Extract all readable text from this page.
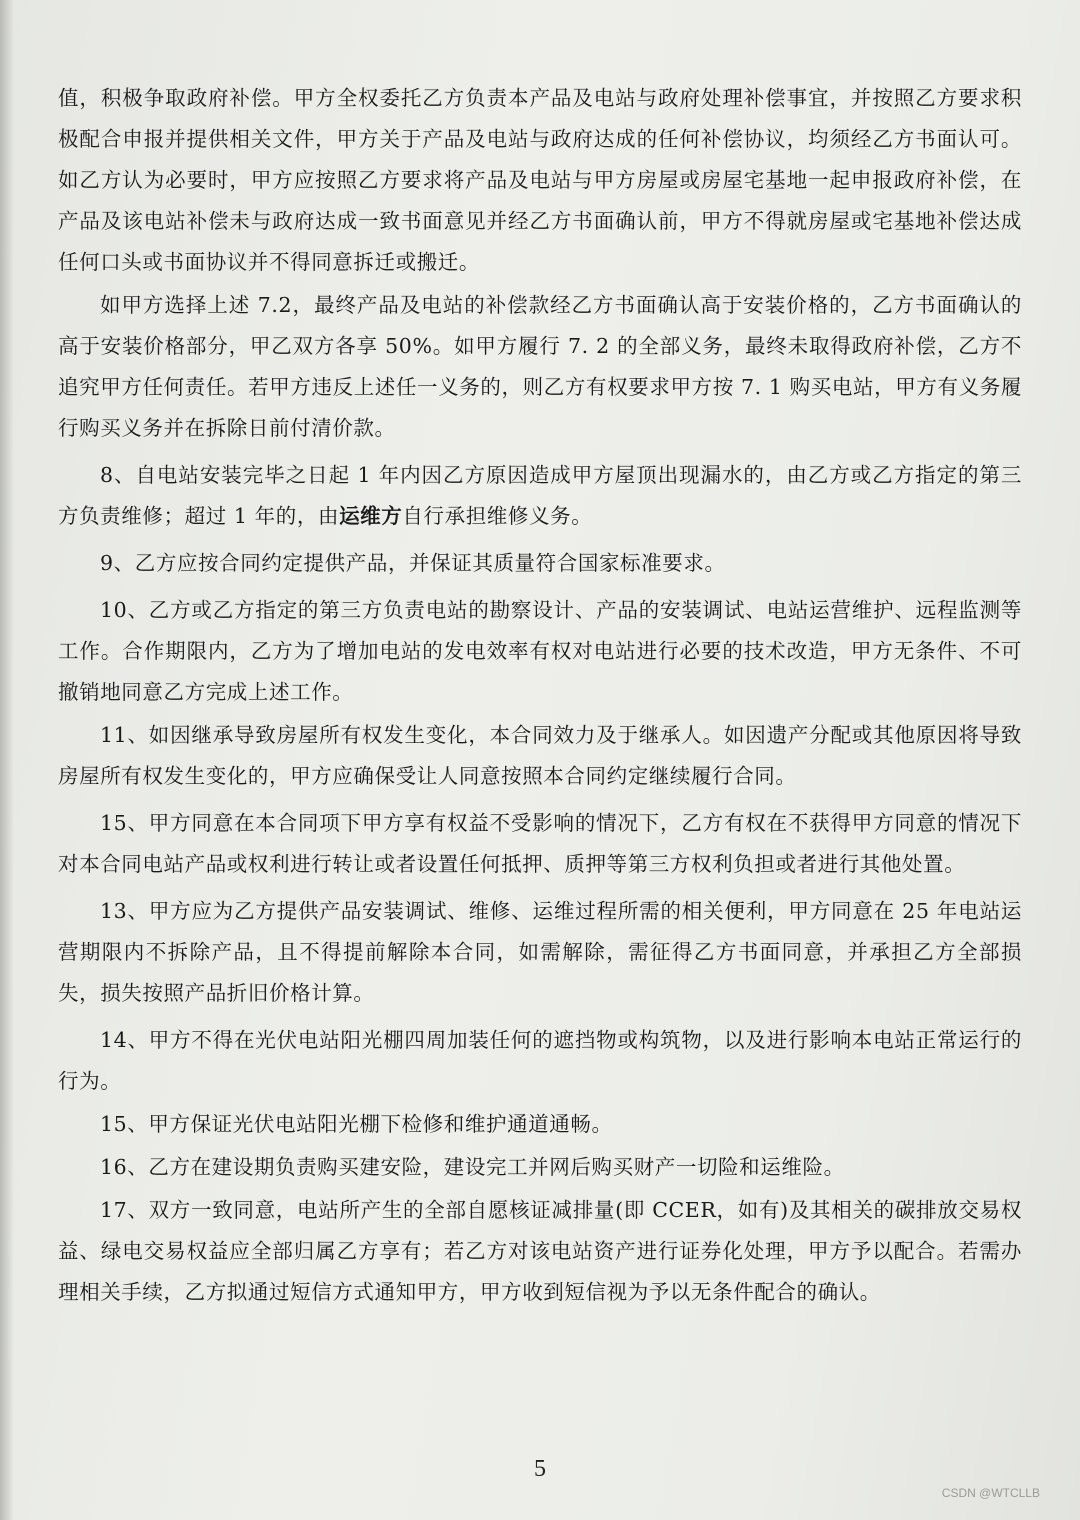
值，积极争取政府补偿。甲方全权委托乙方负责本产品及电站与政府处理补偿事宜，并按照乙方要求积极配合申报并提供相关文件，甲方关于产品及电站与政府达成的任何补偿协议，均须经乙方书面认可。如乙方认为必要时，甲方应按照乙方要求将产品及电站与甲方房屋或房屋宅基地一起申报政府补偿，在产品及该电站补偿未与政府达成一致书面意见并经乙方书面确认前，甲方不得就房屋或宅基地补偿达成任何口头或书面协议并不得同意拆迁或搬迁。

如甲方选择上述 7.2，最终产品及电站的补偿款经乙方书面确认高于安装价格的，乙方书面确认的高于安装价格部分，甲乙双方各享 50%。如甲方履行 7. 2 的全部义务，最终未取得政府补偿，乙方不追究甲方任何责任。若甲方违反上述任一义务的，则乙方有权要求甲方按 7. 1 购买电站，甲方有义务履行购买义务并在拆除日前付清价款。

8、自电站安装完毕之日起 1 年内因乙方原因造成甲方屋顶出现漏水的，由乙方或乙方指定的第三方负责维修；超过 1 年的，由运维方自行承担维修义务。

9、乙方应按合同约定提供产品，并保证其质量符合国家标准要求。

10、乙方或乙方指定的第三方负责电站的勘察设计、产品的安装调试、电站运营维护、远程监测等工作。合作期限内，乙方为了增加电站的发电效率有权对电站进行必要的技术改造，甲方无条件、不可撤销地同意乙方完成上述工作。

11、如因继承导致房屋所有权发生变化，本合同效力及于继承人。如因遗产分配或其他原因将导致房屋所有权发生变化的，甲方应确保受让人同意按照本合同约定继续履行合同。

15、甲方同意在本合同项下甲方享有权益不受影响的情况下，乙方有权在不获得甲方同意的情况下对本合同电站产品或权利进行转让或者设置任何抵押、质押等第三方权利负担或者进行其他处置。

13、甲方应为乙方提供产品安装调试、维修、运维过程所需的相关便利，甲方同意在 25 年电站运营期限内不拆除产品，且不得提前解除本合同，如需解除，需征得乙方书面同意，并承担乙方全部损失，损失按照产品折旧价格计算。

14、甲方不得在光伏电站阳光棚四周加装任何的遮挡物或构筑物，以及进行影响本电站正常运行的行为。

15、甲方保证光伏电站阳光棚下检修和维护通道通畅。

16、乙方在建设期负责购买建安险，建设完工并网后购买财产一切险和运维险。

17、双方一致同意，电站所产生的全部自愿核证减排量(即 CCER，如有)及其相关的碳排放交易权益、绿电交易权益应全部归属乙方享有；若乙方对该电站资产进行证券化处理，甲方予以配合。若需办理相关手续，乙方拟通过短信方式通知甲方，甲方收到短信视为予以无条件配合的确认。

5
CSDN @WTCLLB
